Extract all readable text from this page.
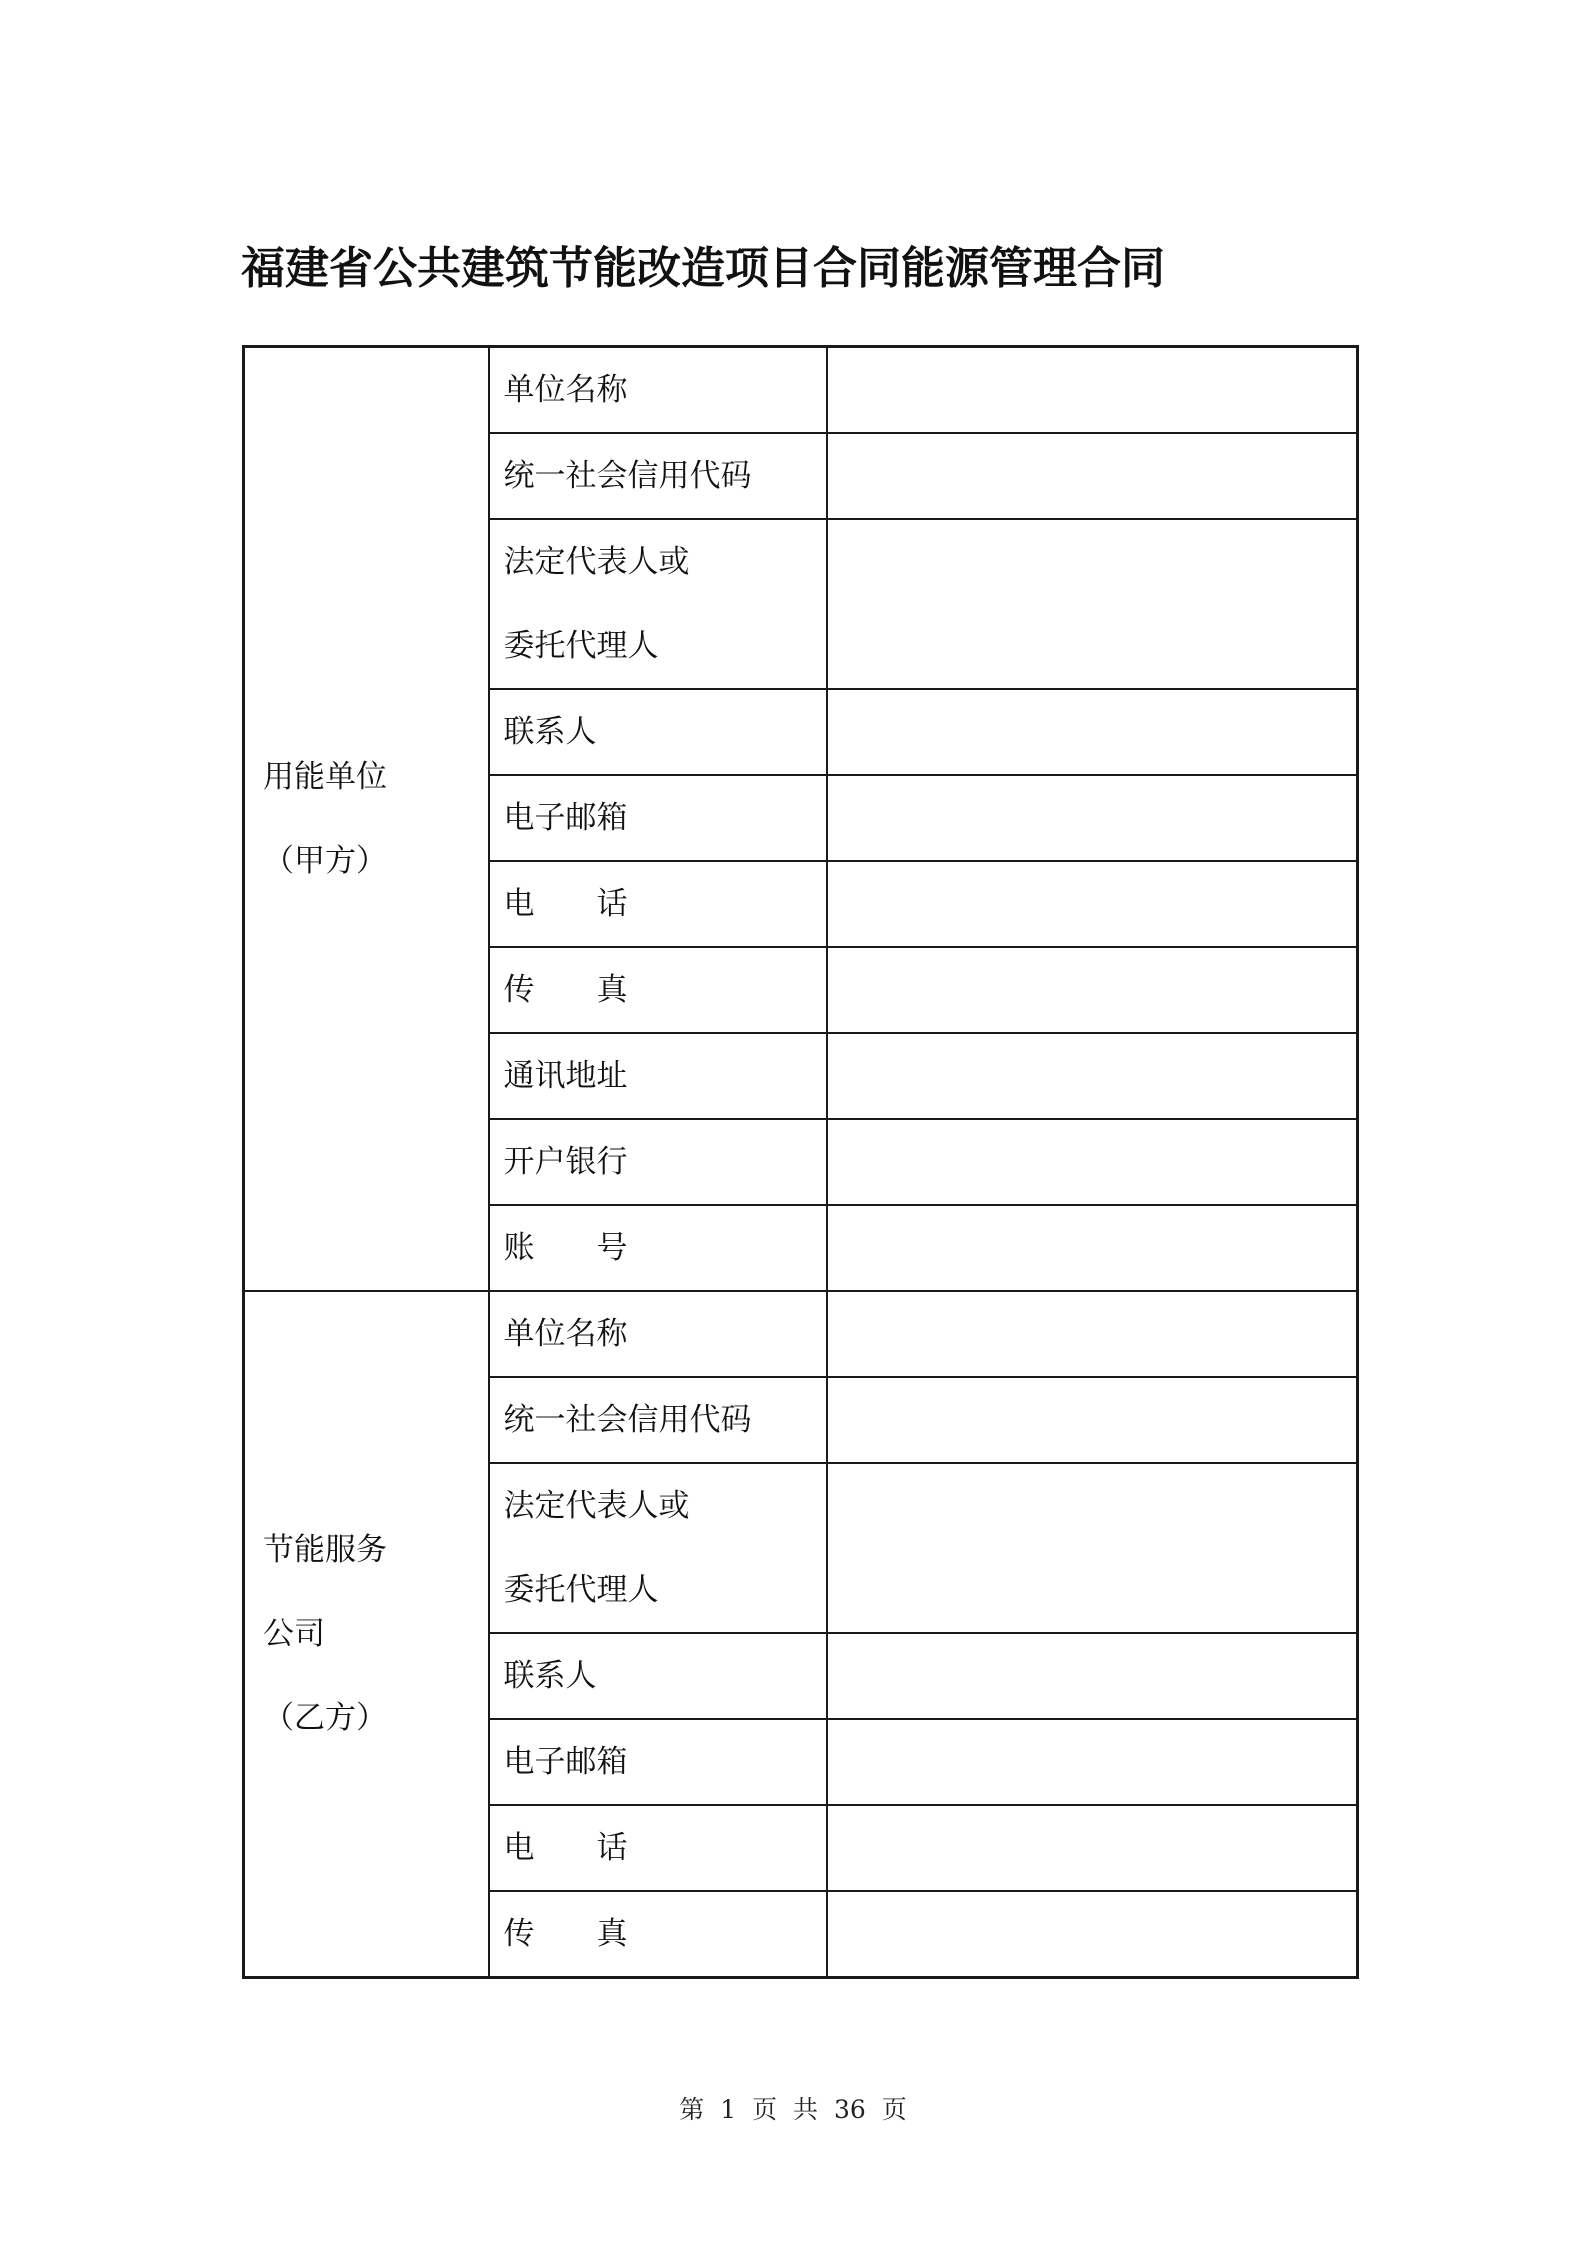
福建省公共建筑节能改造项目合同能源管理合同
用能单位
（甲方）	单位名称	

	统一社会信用代码	

	法定代表人或
委托代理人	

	联系人	

	电子邮箱	

	电 话	

	传 真	

	通讯地址	

	开户银行	

	账 号	

节能服务
公司
（乙方）	单位名称	

	统一社会信用代码	

	法定代表人或
委托代理人	

	联系人	

	电子邮箱	

	电 话	

	传 真	

第 1 页 共 36 页
